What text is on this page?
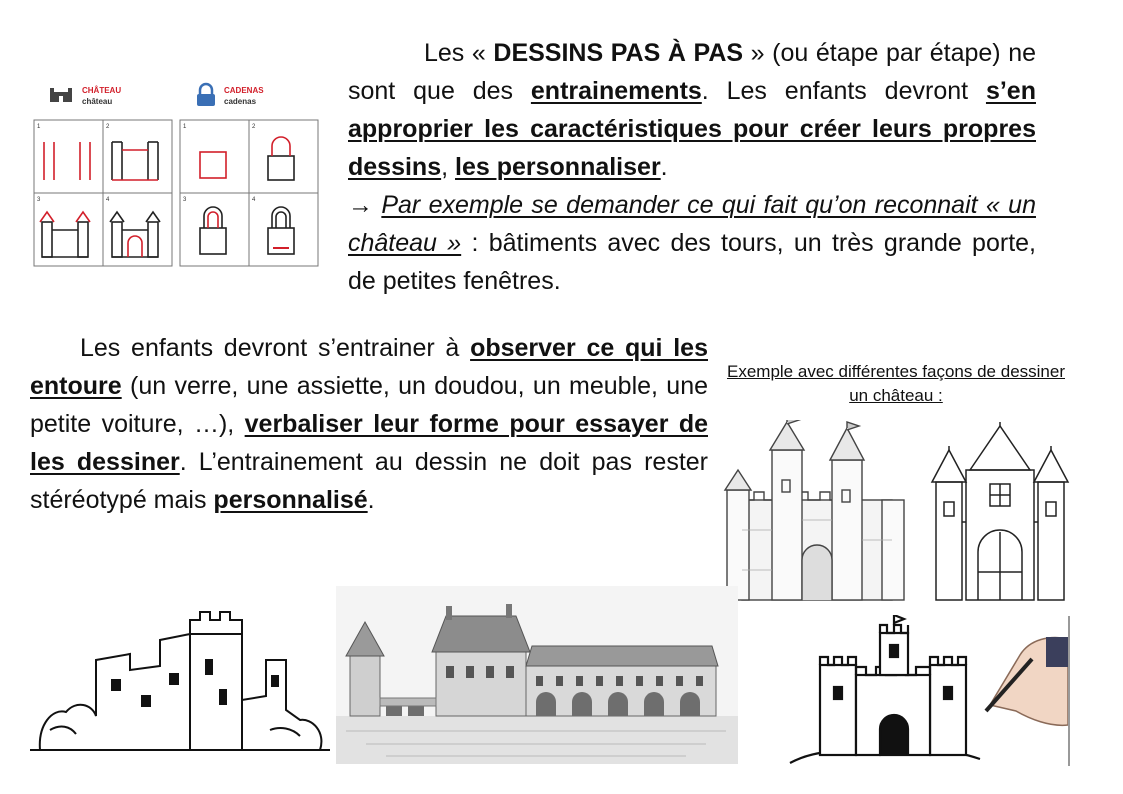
CHÂTEAU
château
1	2
3	4
CADENAS
cadenas
1	2
3	4
Les « DESSINS PAS À PAS » (ou étape par étape) ne sont que des entrainements. Les enfants devront s’en approprier les caractéristiques pour créer leurs propres dessins, les personnaliser.
→ Par exemple se demander ce qui fait qu’on reconnait « un château » : bâtiments avec des tours, un très grande porte, de petites fenêtres.
Les enfants devront s’entrainer à observer ce qui les entoure (un verre, une assiette, un doudou, un meuble, une petite voiture, …), verbaliser leur forme pour essayer de les dessiner. L’entrainement au dessin ne doit pas rester stéréotypé mais personnalisé.
Exemple avec différentes façons de dessiner un château :
